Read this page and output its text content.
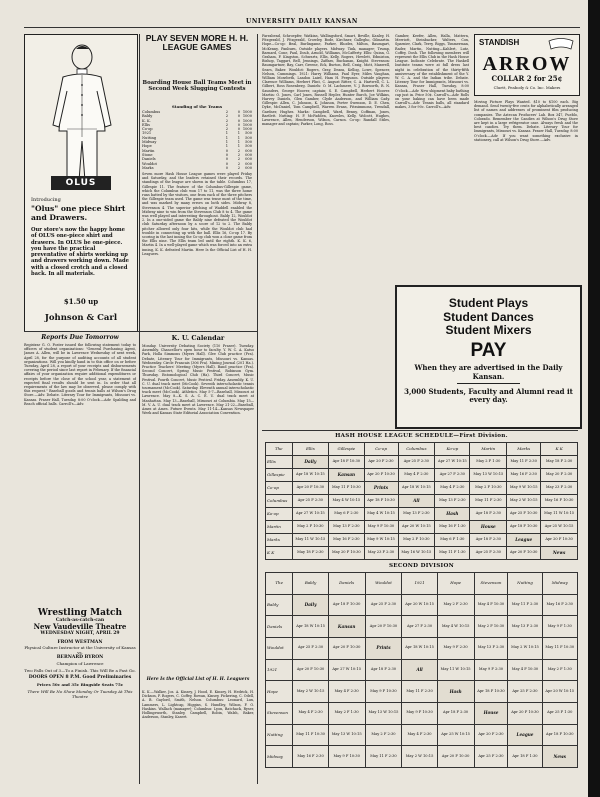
UNIVERSITY DAILY KANSAN
OLUS
Introducing
"Olus" one piece Shirt and Drawers.
Our store's now the happy home of OLUS one-piece shirt and drawers. In OLUS be one-piece. you have the practical preventative of shirts working up and drawers working down. Made with a closed crotch and a closed back. In all materials.
$1.50 up
Johnson & Carl
PLAY SEVEN MORE H. H. LEAGUE GAMES
Boarding House Ball Teams Meet in Second Week Slugging Contests
Standing of the Teams
Columbus	2	0	1000
Baldy	2	0	1000
K. K.	2	0	1000
Ellis	2	0	1000
Co-op	2	0	1000
1921	1	1	500
Nutting	1	1	500
Midway	1	1	500
Hope	1	1	500
Martin	0	2	000
Stone	0	2	000
Daniels	0	2	000
Wouldot	0	2	000
Marks	0	2	000

Seven more Hash House League games were played Friday and Saturday, and the leaders retained their records. The standings of the league are shown in the table. Columbus 17, Gillespie 11. The feature of the Columbus-Gillespie game, which the Columbus club won 17 to 11, was the three home runs batted by the visitors, one from each of the three pitchers the Gillespie team used. The game was tense most of the time, and was marked by many errors on both sides. Midway 8, Stevenson 4. The superior pitching of Waddell enabled the Midway nine to win from the Stevenson Club 8 to 4. The game was well played and interesting throughout. Baldy 12, Wouldot 2. In a one-sided game the Baldy nine defeated the Wouldot club Saturday afternoon by a score of 12 to 2. The Baldy pitcher allowed only four hits, while the Wouldot club had trouble in connecting up with the ball. Ellis 16, Co-op 17. By scoring in the last inning the Co-op club won a close game from the Ellis nine. The Ellis team led until the eighth. K. K. 6, Martin 4. In a well-played game which was forced into an extra inning, K. K. defeated Martin. Here Is the Official List of H. H. Leaguers.

Farrabend, Schroepfer, Watkins, Wallingsford, Smart, Beville, Kanley, H. Fitzgerald, J. Fitzgerald, Crowley, Bode, Kirchner, Gallegho, Gilmartin. Hope—Co-op: Beal, Burlingame, Parker, Rhodes, Milton, Baumgart, McKenny, Panburn, Outside players. Midway: Tink, manager; Trump, Barnard, Cone, Paul, Doub, Arnold, Williams, McCafferty. Ellis: Quinn, G. Graham, F. Kingston, Schwartz, Ellis, Kelly, Rogers, Hewlett, Edmiston, Bishop, Taggart, Bell, Jennings, Zaffaro, Buchanan, Knight. Stevenson: Baumgartner, Bay, Carr, Greene, Eck, Burton, Bell, Craig, Mott, Maxwell, Sears, Baker. Wouldot: Rogers, Gray, Deans, Kellog, Lowe, Spencer, Nelson, Cummings. 1921: Harry Williams, Paul Eyer, Miles Vaughan, William Mosebeth, Landon Laird, Ham H. Ferguson. Outside players: Clarence Williams, Herbert Flint, C. August Ritter, C. A. Hartwell, C. L. Gilbert, Ross Rosenberg. Daniels: O. M. Lachmere, V. J. Bosworth, R. N. Saunders, George Hoover, captain; S. E. Campbell, Herbert Hoover. Martin: O. Jones, Carl Jones, Russell Hepler, Hunter Burch, Joe Wilkins, Harvey Daniels, Glen Gamber, Clyde Anderson, and William Cady. Gillespie: Allen, C. Johnson, K. Johnson, Porter Swenson, D. E. Chen, Dyke, McDaniel, Tom Campbell, Warren Evans, Fitzsimmons, Trendall, Gardner, Hughes. Marks: Campbell, Ward, Benny, Coffman, Jones, Bartlett. Nutting: H. F. McFadden, Knowles, Kelly, Wolcott, Hughes, Lawrence, Allen, Henderson, Wilson, Carson. Co-op: Randall Stiles, manager and captain; Parker, Long, Ross.

Gamber, Keefer, Allen, Halla, Mattern, Merriott, Steinbacker, Walters, Cox, Sparnier, Clark, Terry, Riggs, Timmerman, Rader, Martin, Nutting—Kahlert, Lutz, Coffey, Dosh. The following members will represent the Ellis Club in the Hash House League. Indicate Celebrate. The Haskell Institute teams were at full dress last night in celebration of the thirty-fifth anniversary of the establishment of the Y. W. C. A. and the Indian tribe. Debate. Literary Tour for Immigrants, Missouri vs. Kansas, Fraser Hall, Tuesday, 8:00 O'clock.—Adv. New shipment baby bathing cap just in. Price 50¢. Carroll's—Adv. Rolls on your baking can have been made Carroll's—Adv. Tennis balls, all standard makes, 3 for 90c. Carroll's—Adv.

STANDISH
ARROW
COLLAR 2 for 25¢
Cluett, Peabody & Co. Inc. Makers

Moving Picture Plays Wanted. $10 to $100 each. Big demand. Send twenty-five cents for alphabetically arranged list of names and addresses of prominent film producing companies. The Aztecan Producers' Lab. Box 347, Pueblo, Colorado. Remember the Candies at Wilson's Drug Store are kept in a large refrigerator case. Always fresh and the best candies. Try them. Debate. Literary Tour for Immigrants, Missouri vs. Kansas. Fraser Hall, Tuesday, 8:00 O'clock.—Adv. If you want something exclusive in stationery, call at Wilson's Drug Store.—Adv.

Student Plays
Student Dances
Student Mixers
PAY
When they are advertised in the Daily Kansan.
3,000 Students, Faculty and Alumni read it every day.
Reports Due Tomorrow

Registrar G. O. Foster issued the following statement today to officers of student organizations: "General Purchasing Agent, James A. Allen, will be in Lawrence Wednesday of next week, April 28, for the purpose of auditing accounts of all student organizations. Will you kindly hand in to this office on or before Tuesday, April 28, a report of your receipts and disbursements covering the period since last report in February. If the financial affairs of your organization require additional expenditures or receipts before the close of the school year, a statement of expected final results should be sent in. In order that all requirements of the law may be observed, please comply with this request." Baseball goods and tennis balls at Wilson's Drug Store.—Adv. Debate. Literary Tour for Immigrants, Missouri vs. Kansas. Fraser Hall, Tuesday, 8:00 O'clock.—Adv. Spalding and Reach official balls. Carroll's—Adv.

K. U. Calendar

Monday. University Debating Society (110 Fraser). Tuesday. Assembly. Chancellor's open hour to faculty. Y. W. C. A. Katso Park, Holla Simmons (Myers Hall). Glee Club practice (Fra). Debate, Literary Tour for Immigrants, Missouri vs. Kansas. Wednesday. Circle Francais (306 Fra). Mining Journal (201 Ha.). Practice Teachers' Meeting (Myers Hall). Band practice (Fra). Second Concert, Spring Music Festival, Robinson Gym. Thursday. Entomological Club (Ha). Third Concert, Music Festival. Fourth Concert, Music Festival. Friday. Assembly. K. U. C. U. dual track meet (McCook). Seventh interscholastic tennis tournament (McCook). Saturday. Eleventh annual interscholastic track meet (McCook). Athletics. May 5-7—Baseball, Missouri at Lawrence. May 8—K. S. A. C. E. U. dual track meet at Manhattan. May 13—Baseball, Missouri at Columbia. May 15—M. V. A. U. dual track meet at Lawrence. May 21-22—Baseball, Ames at Ames. Future Events. May 11-14—Kansas Newspaper Week and Kansas State Editorial Association Convention.

Wrestling Match
Catch-as-catch-can
New Vaudeville Theatre
WEDNESDAY NIGHT, APRIL 29
FROM WESTMAN
Physical Culture Instructor at the University of Kansas
vs.
BERNARD BYRON
Champion of Lawrence
Two Falls Out of 3—To a Finish. This Will Be a Fast Go.
DOORS OPEN 8 P.M. Good Preliminaries
Prices 50c and 35c Ringside Seats 75c
There Will Be No Show Monday Or Tuesday At This Theatre
Here Is the Official List of H. H. Leaguers

K. K.—Walker, Jos. A. Kinsey, J. Hood, E. Kinsey, H. Hedrick, H. Dickson, F. Rogers, C. Coffey, Rowan, Kinsey, Pickering, C. Odell, A. B. Gaylord, Smith, Nelson. Columbus: Leonard, Lux, Lammers, L. Lightcap, Higgins, S. Hundley, Wilson, F. O. Haskins. Wallach (manager); Columbus: Lyon, Batchack, Ryser, Hollingsworth, Stanley, Campbell, Robin, Walsh, Baker, Anderson, Stanley, Kasert.

HASH HOUSE LEAGUE SCHEDULE—First Division.
The	Ellis	Gillespie	Co-op	Columbus	Ko-op	Martin	Marks	K K
Ellis	Daily	Apr 18 F 10:30	Apr 20 F 2:30	Apr 25 F 2:30	Apr 27 W 10:15	May 2 F 1:30	May 11 F 2:30	May 18 F 2:30
Gillespie	Apr 18 W 10:15	Kansan	Apr 20 F 10:30	May 4 F 2:30	Apr 27 F 2:30	May 13 W 10:15	May 16 F 2:30	May 20 F 2:30
Co-op	Apr 20 F 10:30	May 11 F 10:30	Prints	Apr 18 W 10:15	May 4 F 2:30	May 2 F 10:30	May 9 W 10:15	May 23 F 2:30
Columbus	Apr 25 F 2:30	May 4 W 10:15	Apr 18 F 10:30	All	May 13 F 2:30	May 11 F 2:30	May 2 W 10:15	May 16 F 10:30
Ko-op	Apr 27 W 10:15	May 6 F 2:30	May 4 W 10:15	May 13 F 2:30	Hash	Apr 18 F 2:30	Apr 25 F 10:30	May 11 W 10:15
Martin	May 2 F 10:30	May 13 F 2:30	May 9 F 10:30	Apr 20 W 10:15	May 16 F 1:30	House	Apr 18 F 10:30	Apr 25 W 10:15
Marks	May 11 W 10:15	May 16 F 2:30	May 9 W 10:15	May 2 F 10:30	May 6 F 1:30	Apr 18 F 2:30	League	Apr 20 F 10:30
K K	May 18 F 2:30	May 20 F 10:30	May 23 F 2:30	May 16 W 10:15	May 11 F 1:30	Apr 25 F 2:30	Apr 20 F 10:30	News
SECOND DIVISION
The	Baldy	Daniels	Wouldot	1921	Hope	Stevenson	Nutting	Midway
Baldy	Daily	Apr 18 F 10:30	Apr 25 F 2:30	Apr 20 W 10:15	May 2 F 2:30	May 4 F 10:30	May 11 F 2:30	May 16 F 2:30
Daniels	Apr 18 W 10:15	Kansan	Apr 20 F 10:30	Apr 27 F 2:30	May 4 W 10:15	May 2 F 10:30	May 13 F 2:30	May 9 F 1:30
Wouldot	Apr 25 F 2:30	Apr 20 F 10:30	Prints	Apr 18 W 10:15	May 9 F 2:30	May 13 F 2:30	May 2 W 10:15	May 11 F 10:30
1921	Apr 20 F 10:30	Apr 27 W 10:15	Apr 18 F 2:30	All	May 11 W 10:15	May 9 F 2:30	May 4 F 10:30	May 2 F 1:30
Hope	May 2 W 10:15	May 4 F 2:30	May 9 F 10:30	May 11 F 2:30	Hash	Apr 18 F 10:30	Apr 25 F 2:30	Apr 20 W 10:15
Stevenson	May 4 F 2:30	May 2 F 1:30	May 13 W 10:15	May 9 F 10:30	Apr 18 F 2:30	House	Apr 20 F 10:30	Apr 25 F 1:30
Nutting	May 11 F 10:30	May 13 W 10:15	May 2 F 2:30	May 4 F 2:30	Apr 25 W 10:15	Apr 20 F 2:30	League	Apr 18 F 10:30
Midway	May 16 F 2:30	May 9 F 10:30	May 11 F 2:30	May 2 W 10:15	Apr 20 F 10:30	Apr 25 F 2:30	Apr 18 F 1:30	News
